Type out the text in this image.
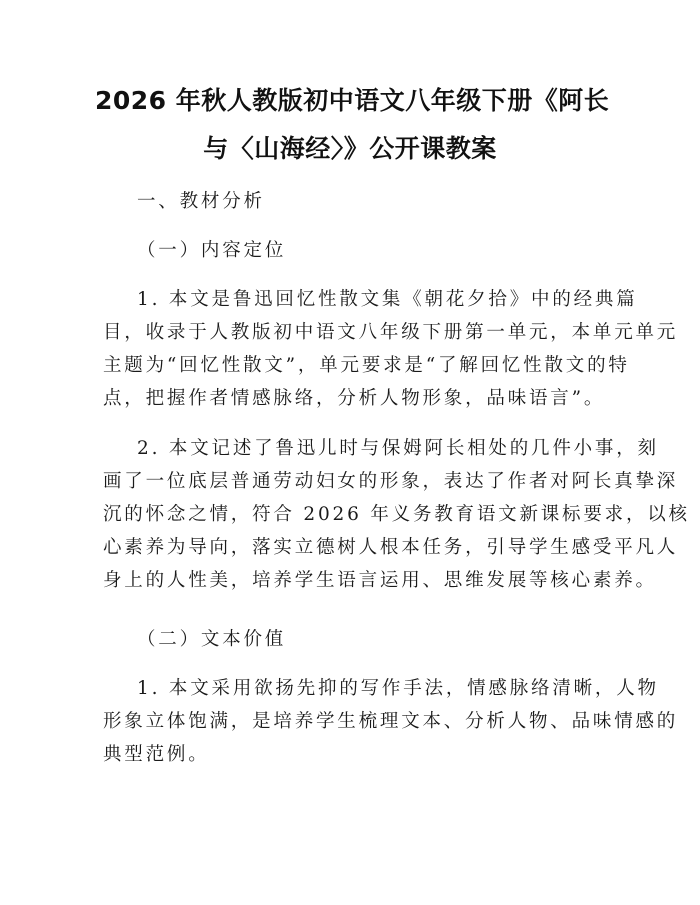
2026 年秋人教版初中语文八年级下册《阿长
与〈山海经〉》公开课教案
一、教材分析
（一）内容定位
1. 本文是鲁迅回忆性散文集《朝花夕拾》中的经典篇
目，收录于人教版初中语文八年级下册第一单元，本单元单元
主题为“回忆性散文”，单元要求是“了解回忆性散文的特
点，把握作者情感脉络，分析人物形象，品味语言”。
2. 本文记述了鲁迅儿时与保姆阿长相处的几件小事，刻
画了一位底层普通劳动妇女的形象，表达了作者对阿长真挚深
沉的怀念之情，符合 2026 年义务教育语文新课标要求，以核
心素养为导向，落实立德树人根本任务，引导学生感受平凡人
身上的人性美，培养学生语言运用、思维发展等核心素养。
（二）文本价值
1. 本文采用欲扬先抑的写作手法，情感脉络清晰，人物
形象立体饱满，是培养学生梳理文本、分析人物、品味情感的
典型范例。
